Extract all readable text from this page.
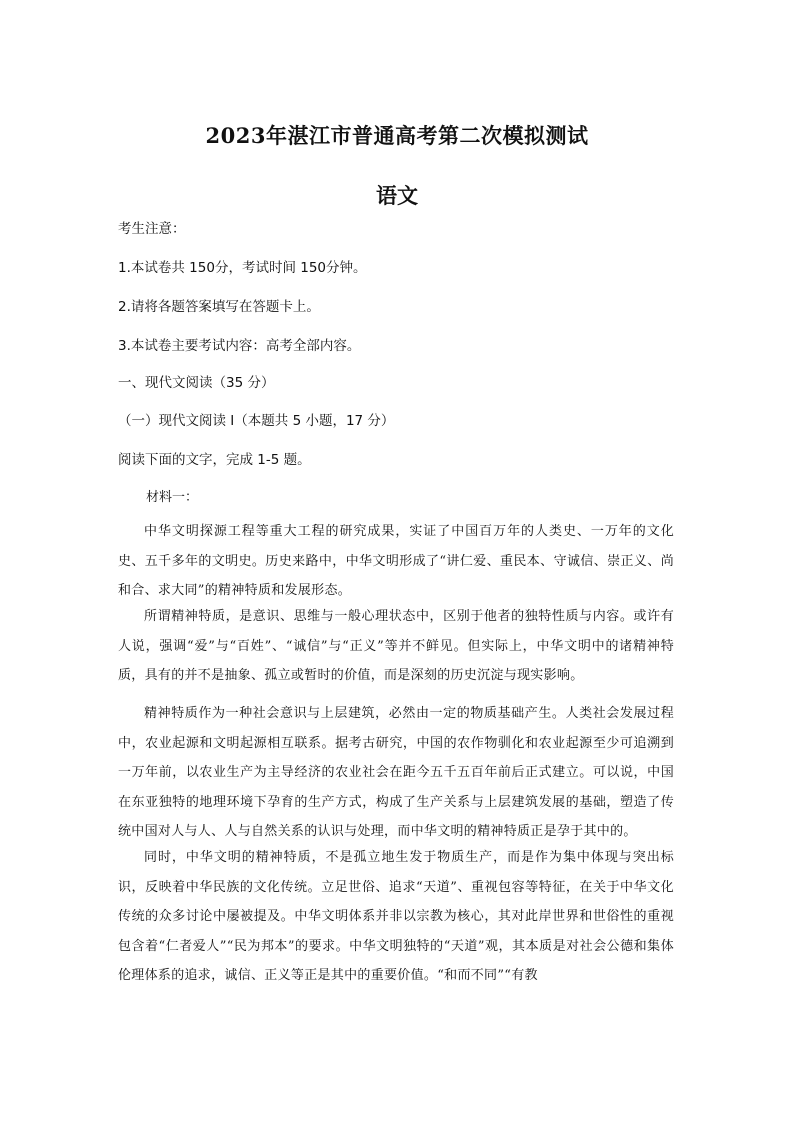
2023年湛江市普通高考第二次模拟测试
语文
考生注意：
1.本试卷共 150分，考试时间 150分钟。
2.请将各题答案填写在答题卡上。
3.本试卷主要考试内容：高考全部内容。
一、现代文阅读（35 分）
（一）现代文阅读 I（本题共 5 小题，17 分）
阅读下面的文字，完成 1-5 题。
材料一：
中华文明探源工程等重大工程的研究成果，实证了中国百万年的人类史、一万年的文化史、五千多年的文明史。历史来路中，中华文明形成了“讲仁爱、重民本、守诚信、崇正义、尚和合、求大同”的精神特质和发展形态。
所谓精神特质，是意识、思维与一般心理状态中，区别于他者的独特性质与内容。或许有人说，强调“爱”与“百姓”、“诚信”与“正义”等并不鲜见。但实际上，中华文明中的诸精神特质，具有的并不是抽象、孤立或暂时的价值，而是深刻的历史沉淀与现实影响。
精神特质作为一种社会意识与上层建筑，必然由一定的物质基础产生。人类社会发展过程中，农业起源和文明起源相互联系。据考古研究，中国的农作物驯化和农业起源至少可追溯到一万年前，以农业生产为主导经济的农业社会在距今五千五百年前后正式建立。可以说，中国在东亚独特的地理环境下孕育的生产方式，构成了生产关系与上层建筑发展的基础，塑造了传统中国对人与人、人与自然关系的认识与处理，而中华文明的精神特质正是孕于其中的。
同时，中华文明的精神特质，不是孤立地生发于物质生产，而是作为集中体现与突出标识，反映着中华民族的文化传统。立足世俗、追求“天道”、重视包容等特征，在关于中华文化传统的众多讨论中屡被提及。中华文明体系并非以宗教为核心，其对此岸世界和世俗性的重视包含着“仁者爱人”“民为邦本”的要求。中华文明独特的“天道”观，其本质是对社会公德和集体伦理体系的追求，诚信、正义等正是其中的重要价值。“和而不同”“有教
